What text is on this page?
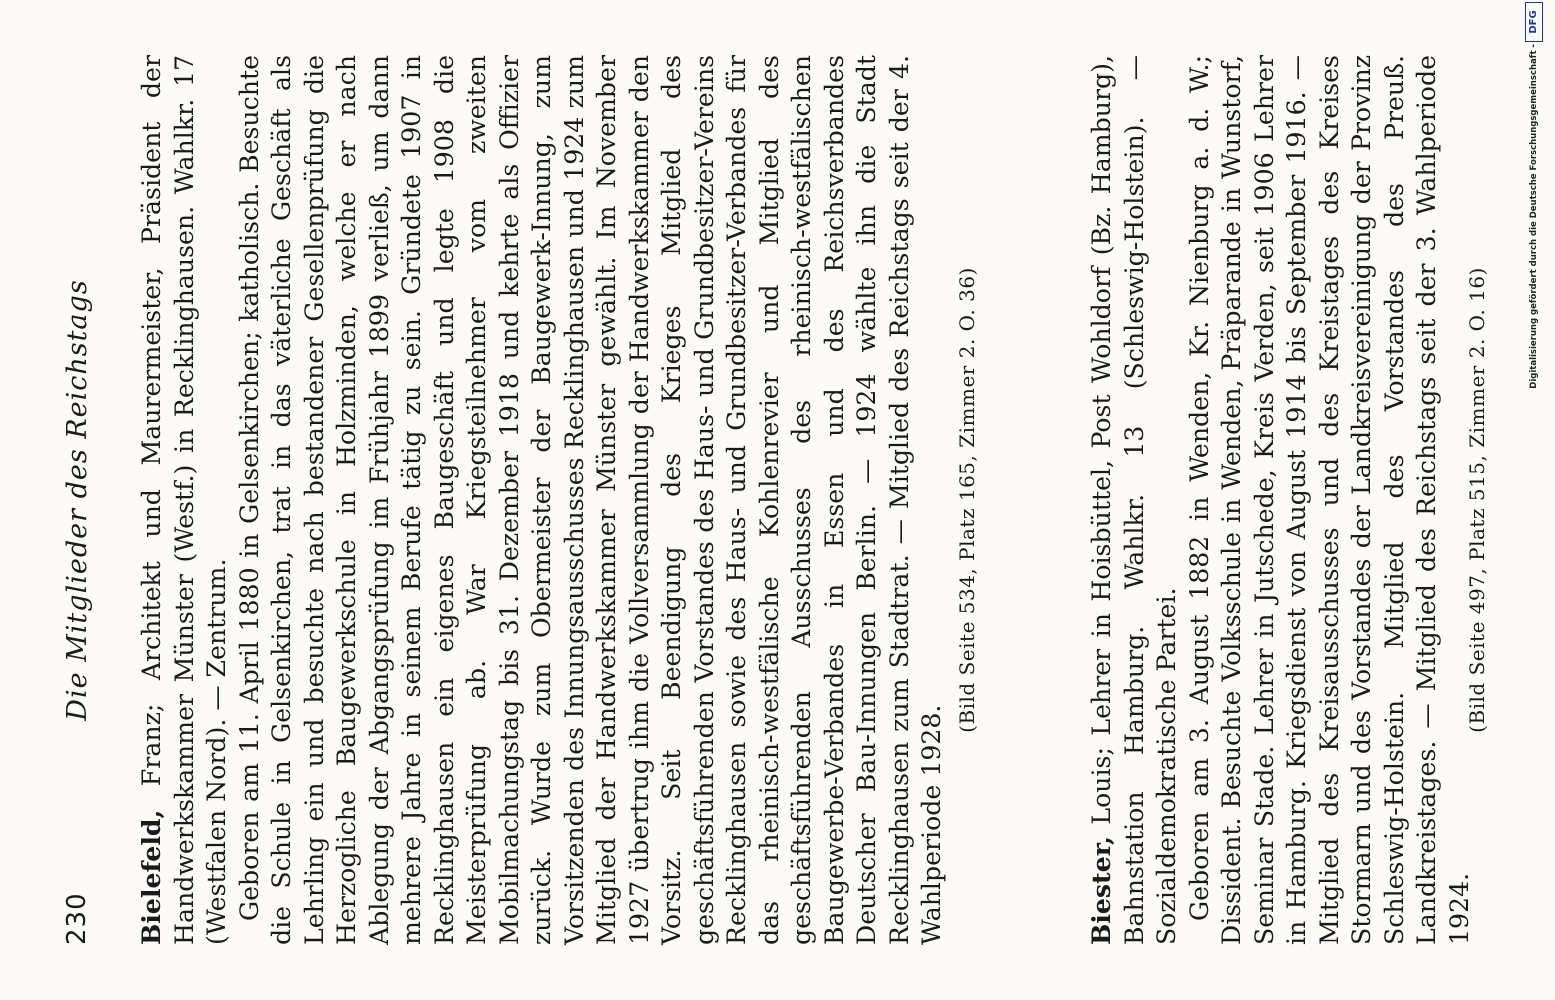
230
Die Mitglieder des Reichstags

Bielefeld, Franz; Architekt und Maurermeister, Präsident der Handwerkskammer Münster (Westf.) in Recklinghausen. Wahlkr. 17 (Westfalen Nord). — Zentrum. Geboren am 11. April 1880 in Gelsenkirchen; katholisch. Besuchte die Schule in Gelsenkirchen, trat in das väterliche Geschäft als Lehrling ein und besuchte nach bestandener Gesellenprüfung die Herzogliche Baugewerkschule in Holzminden, welche er nach Ablegung der Abgangsprüfung im Frühjahr 1899 verließ, um dann mehrere Jahre in seinem Berufe tätig zu sein. Gründete 1907 in Recklinghausen ein eigenes Baugeschäft und legte 1908 die Meisterprüfung ab. War Kriegsteilnehmer vom zweiten Mobilmachungstag bis 31. Dezember 1918 und kehrte als Offizier zurück. Wurde zum Obermeister der Baugewerk-Innung, zum Vorsitzenden des Innungsausschusses Recklinghausen und 1924 zum Mitglied der Handwerkskammer Münster gewählt. Im November 1927 übertrug ihm die Vollversammlung der Handwerkskammer den Vorsitz. Seit Beendigung des Krieges Mitglied des geschäftsführenden Vorstandes des Haus- und Grundbesitzer-Vereins Recklinghausen sowie des Haus- und Grundbesitzer-Verbandes für das rheinisch-westfälische Kohlenrevier und Mitglied des geschäftsführenden Ausschusses des rheinisch-westfälischen Baugewerbe-Verbandes in Essen und des Reichsverbandes Deutscher Bau-Innungen Berlin. — 1924 wählte ihn die Stadt Recklinghausen zum Stadtrat. — Mitglied des Reichstags seit der 4. Wahlperiode 1928.

(Bild Seite 534, Platz 165, Zimmer 2. O. 36)

Biester, Louis; Lehrer in Hoisbüttel, Post Wohldorf (Bz. Hamburg), Bahnstation Hamburg. Wahlkr. 13 (Schleswig-Holstein). — Sozialdemokratische Partei. Geboren am 3. August 1882 in Wenden, Kr. Nienburg a. d. W.; Dissident. Besuchte Volksschule in Wenden, Präparande in Wunstorf, Seminar Stade. Lehrer in Jutschede, Kreis Verden, seit 1906 Lehrer in Hamburg. Kriegsdienst von August 1914 bis September 1916. — Mitglied des Kreisausschusses und des Kreistages des Kreises Stormarn und des Vorstandes der Landkreisvereinigung der Provinz Schleswig-Holstein. Mitglied des Vorstandes des Preuß. Landkreistages. — Mitglied des Reichstags seit der 3. Wahlperiode 1924.

(Bild Seite 497, Platz 515, Zimmer 2. O. 16)
Digitalisierung gefördert durch die Deutsche Forschungsgemeinschaft -
DFG
